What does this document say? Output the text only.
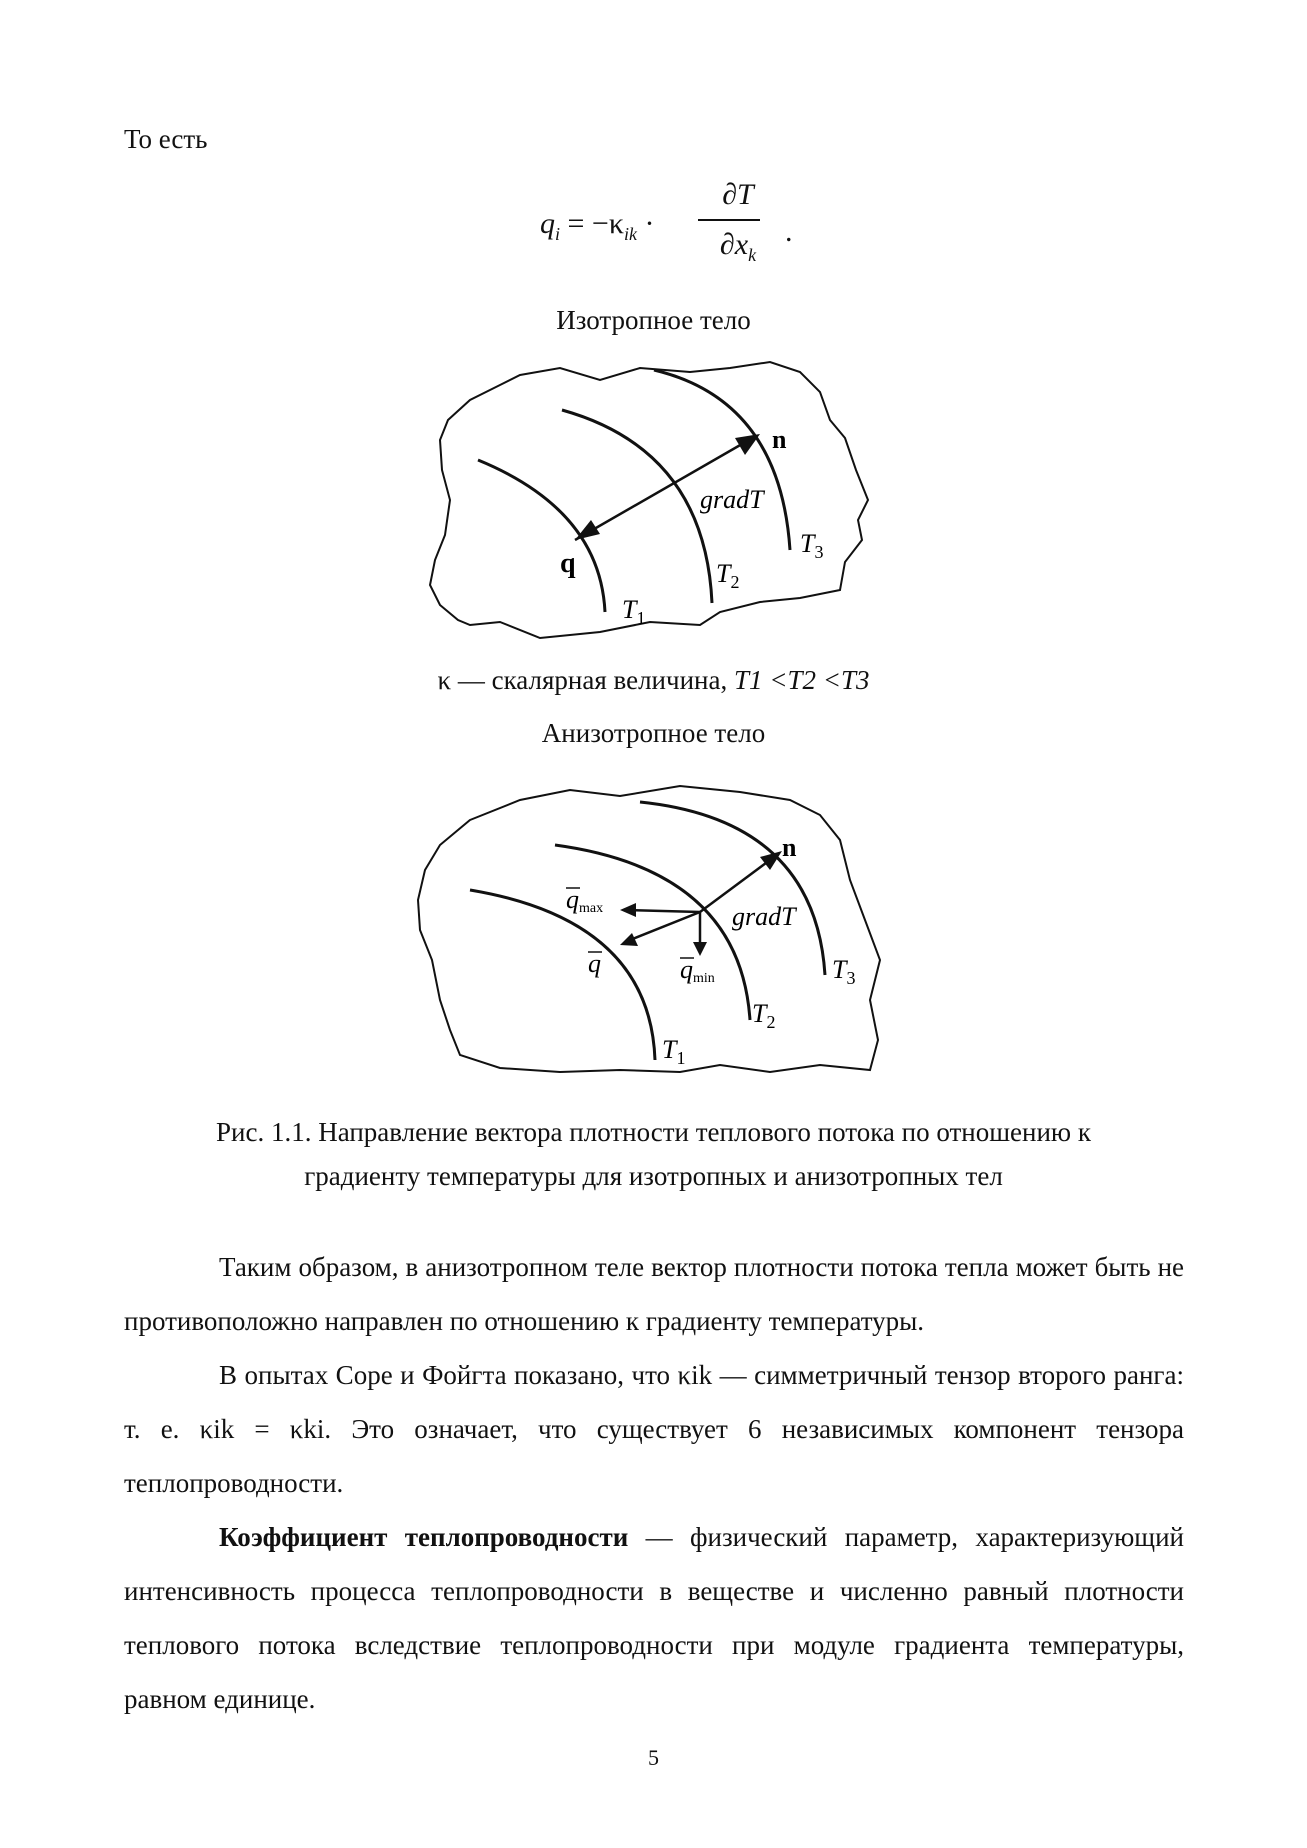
То есть
$q_i = -\kappa_{ik}$ ·
∂T
$\partial x_k$
.
Изотропное тело
n
gradT
q
$T_3$
$T_2$
$T_1$
κ — скалярная величина, T1 <T2 <T3
Анизотропное тело
n
gradT
qmax
q	qmin	$T_3$
$T_2$
$T_1$
Рис. 1.1. Направление вектора плотности теплового потока по отношению к
градиенту температуры для изотропных и анизотропных тел
Таким образом, в анизотропном теле вектор плотности потока тепла может быть не противоположно направлен по отношению к градиенту температуры.
В опытах Соре и Фойгта показано, что κik — симметричный тензор второго ранга: т. е. κik = κki. Это означает, что существует 6 независимых компонент тензора теплопроводности.
Коэффициент теплопроводности — физический параметр, характеризующий интенсивность процесса теплопроводности в веществе и численно равный плотности теплового потока вследствие теплопроводности при модуле градиента температуры, равном единице.
5
